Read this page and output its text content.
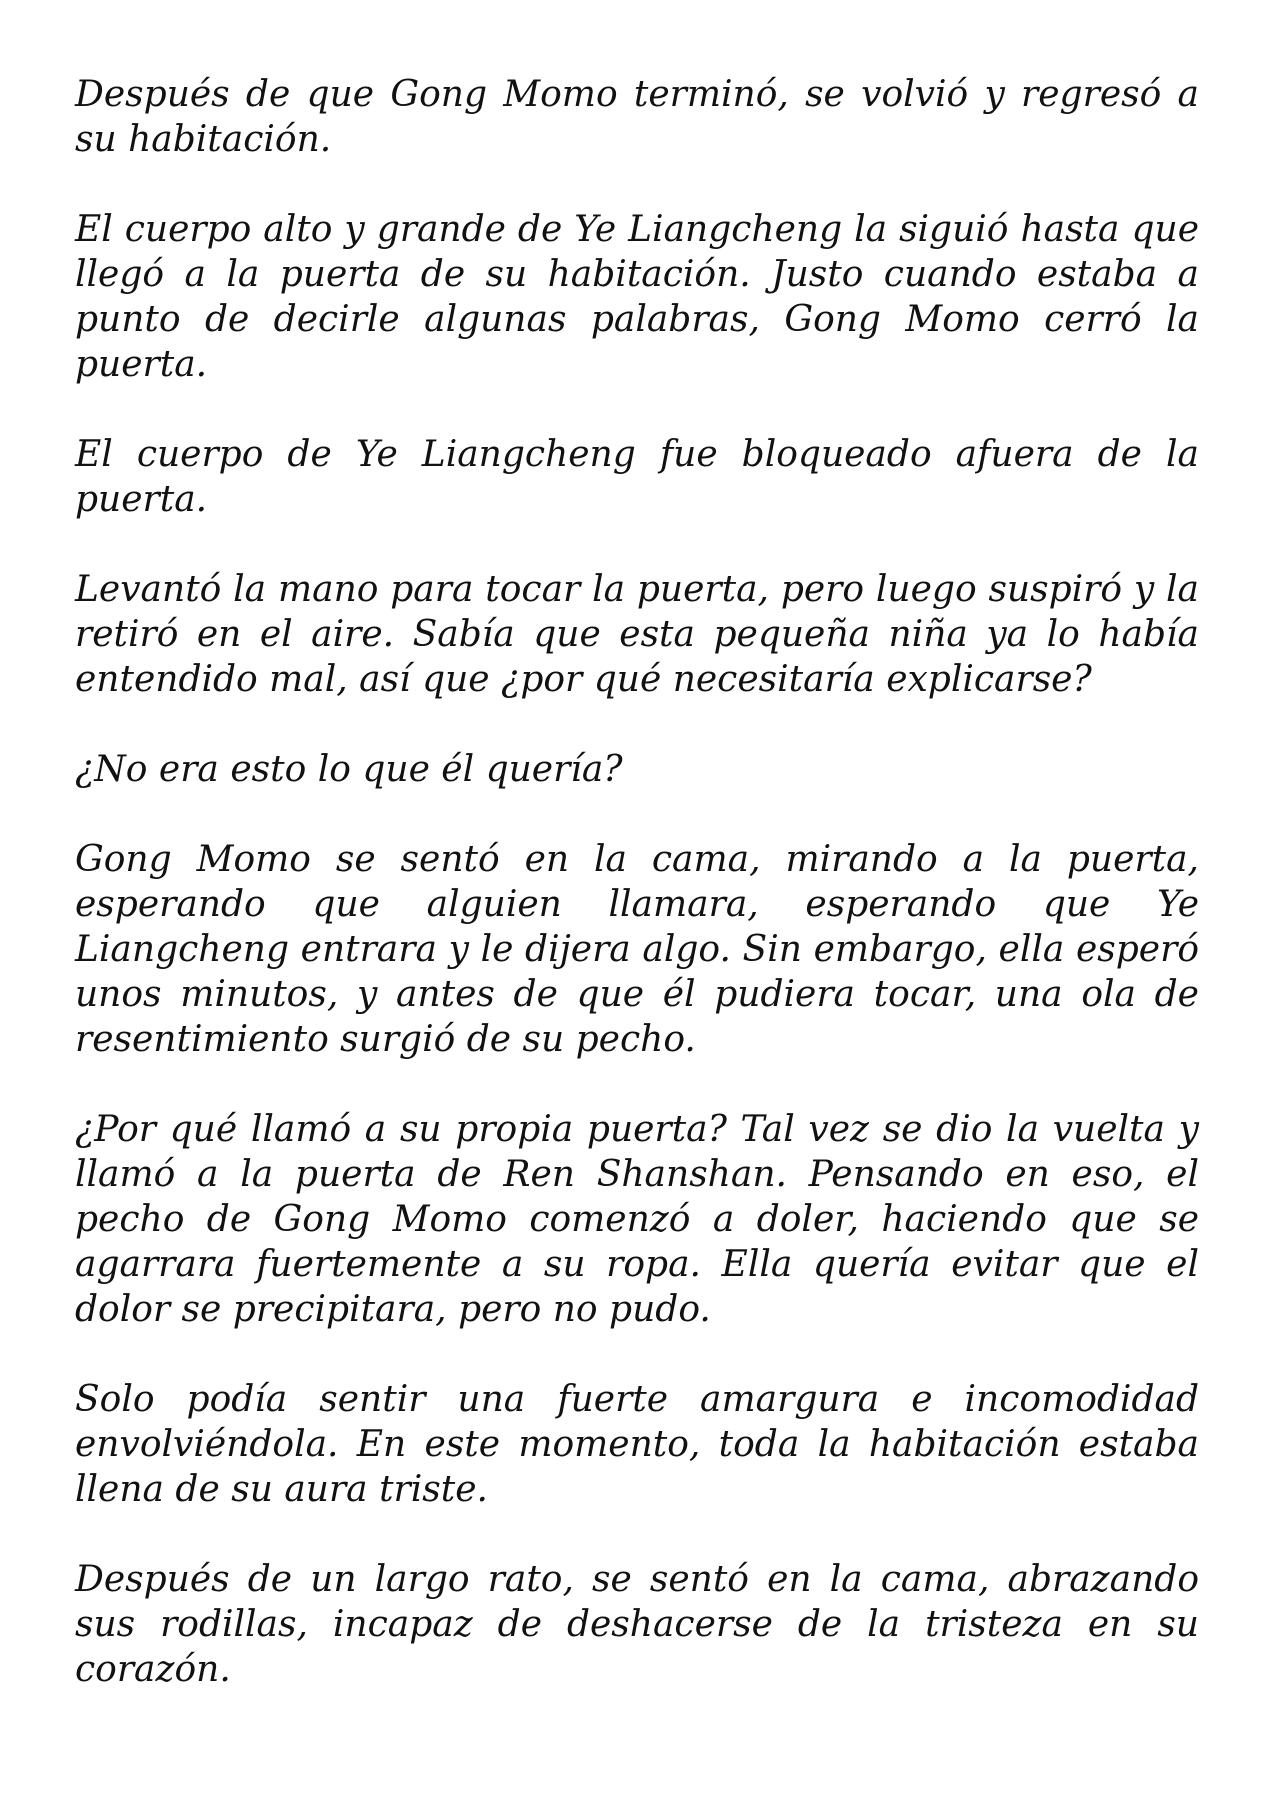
Después de que Gong Momo terminó, se volvió y regresó a su habitación.

El cuerpo alto y grande de Ye Liangcheng la siguió hasta que llegó a la puerta de su habitación. Justo cuando estaba a punto de decirle algunas palabras, Gong Momo cerró la puerta.

El cuerpo de Ye Liangcheng fue bloqueado afuera de la puerta.

Levantó la mano para tocar la puerta, pero luego suspiró y la retiró en el aire. Sabía que esta pequeña niña ya lo había entendido mal, así que ¿por qué necesitaría explicarse?

¿No era esto lo que él quería?

Gong Momo se sentó en la cama, mirando a la puerta, esperando que alguien llamara, esperando que Ye Liangcheng entrara y le dijera algo. Sin embargo, ella esperó unos minutos, y antes de que él pudiera tocar, una ola de resentimiento surgió de su pecho.

¿Por qué llamó a su propia puerta? Tal vez se dio la vuelta y llamó a la puerta de Ren Shanshan. Pensando en eso, el pecho de Gong Momo comenzó a doler, haciendo que se agarrara fuertemente a su ropa. Ella quería evitar que el dolor se precipitara, pero no pudo.

Solo podía sentir una fuerte amargura e incomodidad envolviéndola. En este momento, toda la habitación estaba llena de su aura triste.

Después de un largo rato, se sentó en la cama, abrazando sus rodillas, incapaz de deshacerse de la tristeza en su corazón.
